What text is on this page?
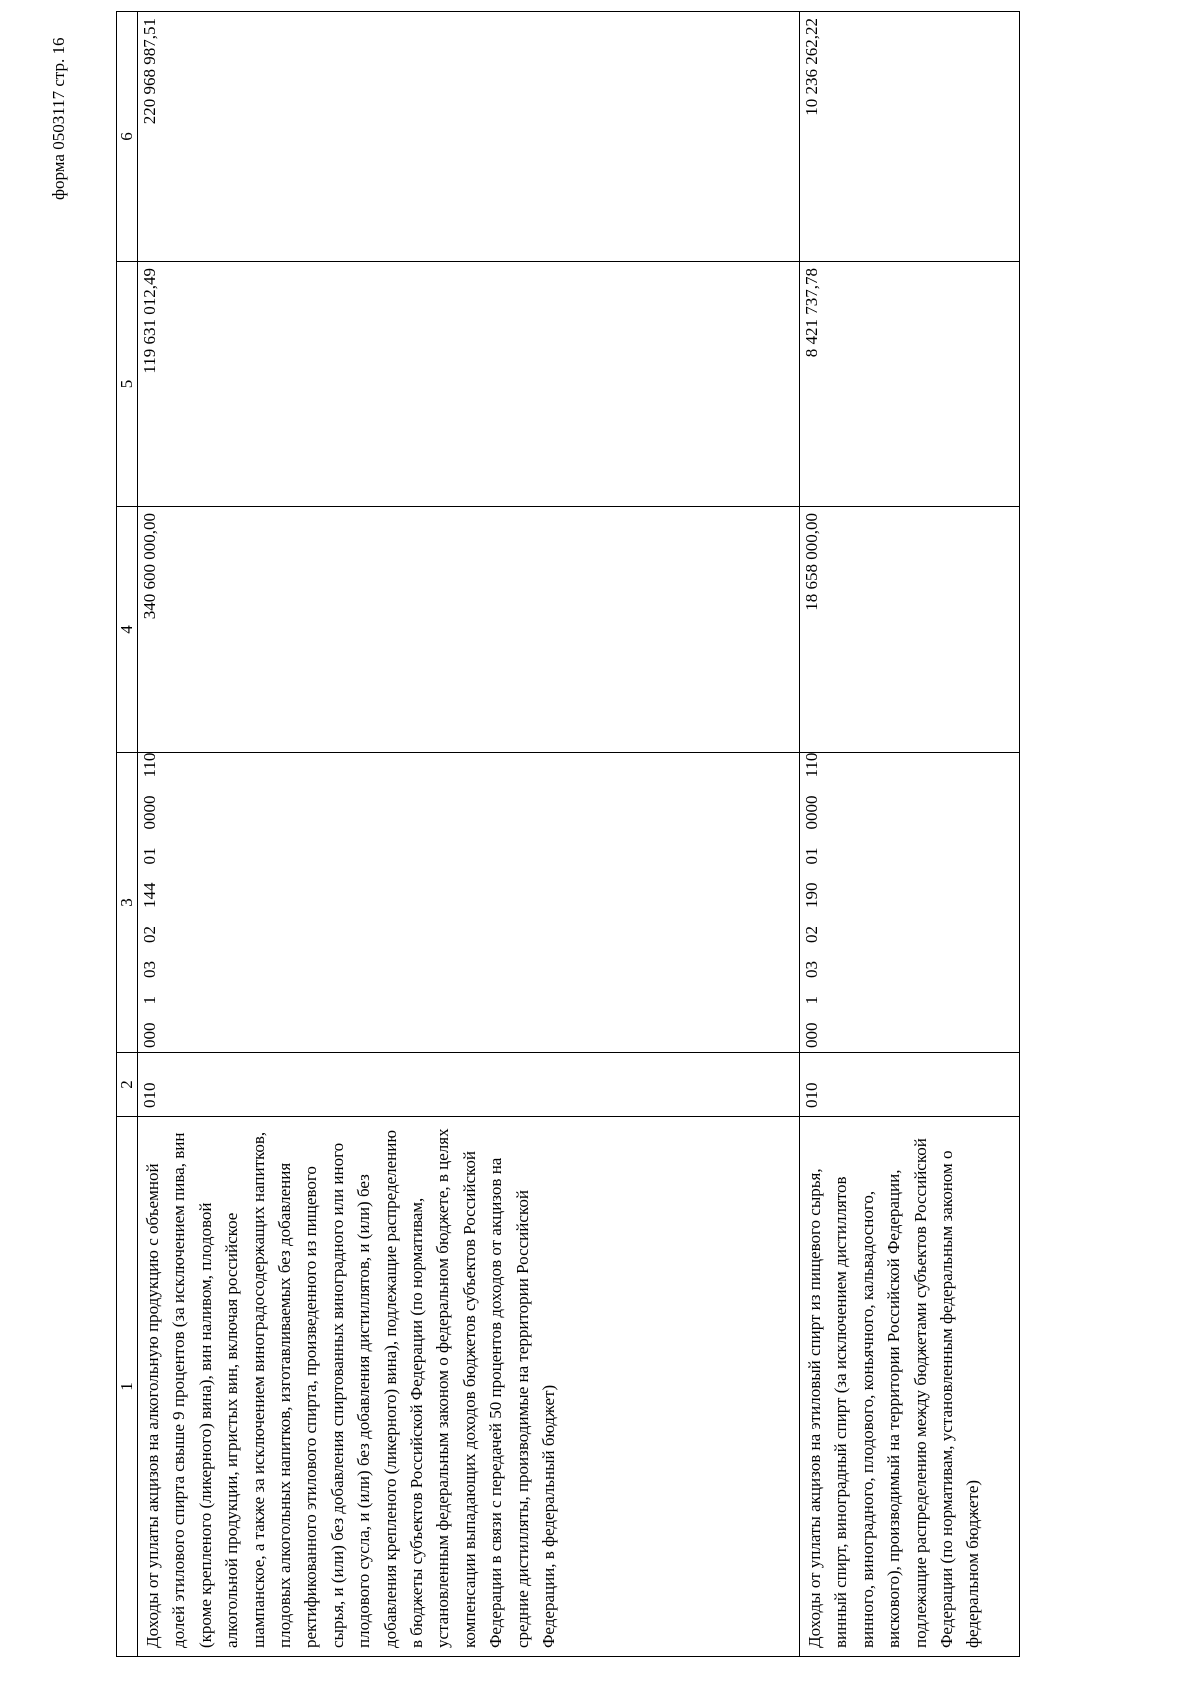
форма 0503117 стр. 16
1	2	3	4	5	6
Доходы от уплаты акцизов на алкогольную продукцию с объемной долей этилового спирта свыше 9 процентов (за исключением пива, вин (кроме крепленого (ликерного) вина), вин наливом, плодовой алкогольной продукции, игристых вин, включая российское шампанское, а также за исключением виноградосодержащих напитков, плодовых алкогольных напитков, изготавливаемых без добавления ректификованного этилового спирта, произведенного из пищевого сырья, и (или) без добавления спиртованных виноградного или иного плодового сусла, и (или) без добавления дистиллятов, и (или) без добавления крепленого (ликерного) вина), подлежащие распределению в бюджеты субъектов Российской Федерации (по нормативам, установленным федеральным законом о федеральном бюджете, в целях компенсации выпадающих доходов бюджетов субъектов Российской Федерации в связи с передачей 50 процентов доходов от акцизов на средние дистилляты, производимые на территории Российской Федерации, в федеральный бюджет)	010	00010302144010000110	340 600 000,00	119 631 012,49	220 968 987,51
Доходы от уплаты акцизов на этиловый спирт из пищевого сырья, винный спирт, виноградный спирт (за исключением дистиллятов винного, виноградного, плодового, коньячного, кальвадосного, вискового), производимый на территории Российской Федерации, подлежащие распределению между бюджетами субъектов Российской Федерации (по нормативам, установленным федеральным законом о федеральном бюджете)	010	00010302190010000110	18 658 000,00	8 421 737,78	10 236 262,22
